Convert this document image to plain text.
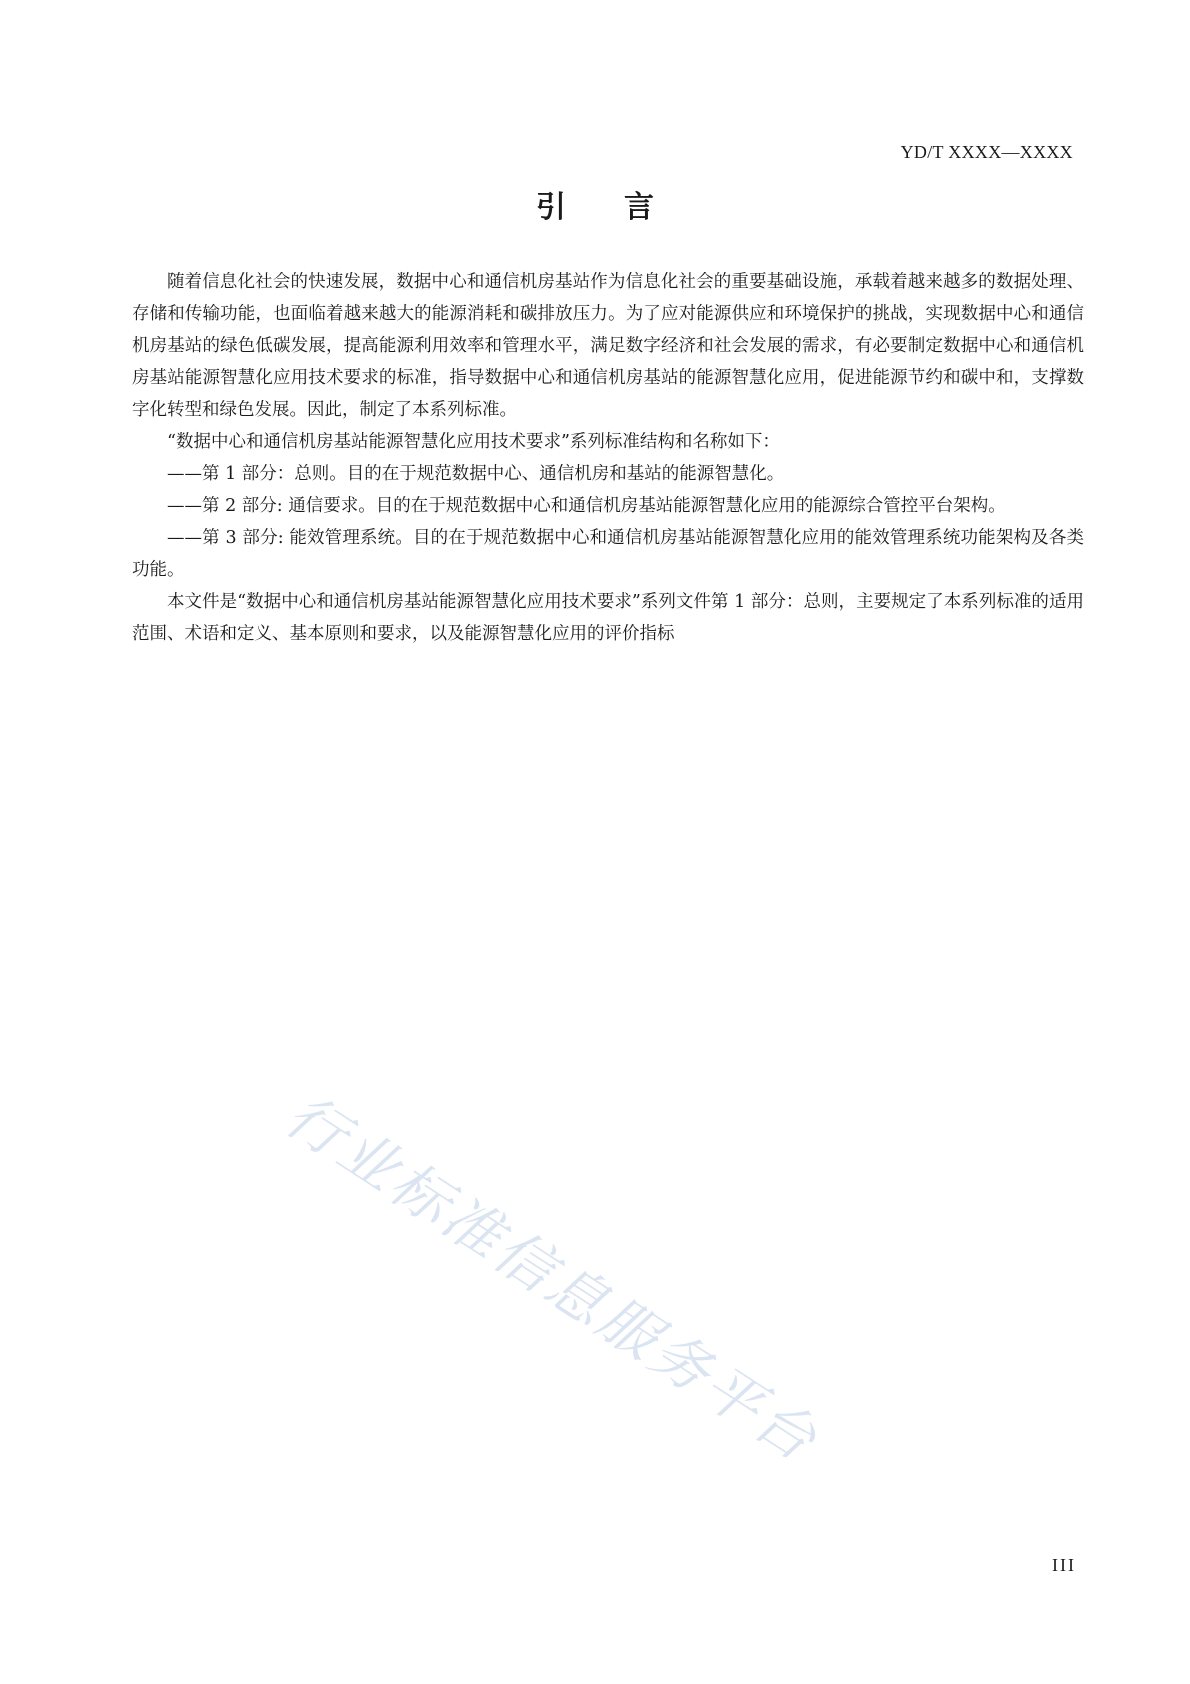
YD/T XXXX—XXXX
引言

随着信息化社会的快速发展，数据中心和通信机房基站作为信息化社会的重要基础设施，承载着越来越多的数据处理、存储和传输功能，也面临着越来越大的能源消耗和碳排放压力。为了应对能源供应和环境保护的挑战，实现数据中心和通信机房基站的绿色低碳发展，提高能源利用效率和管理水平，满足数字经济和社会发展的需求，有必要制定数据中心和通信机房基站能源智慧化应用技术要求的标准，指导数据中心和通信机房基站的能源智慧化应用，促进能源节约和碳中和，支撑数字化转型和绿色发展。因此，制定了本系列标准。

“数据中心和通信机房基站能源智慧化应用技术要求”系列标准结构和名称如下：

——第 1 部分：总则。目的在于规范数据中心、通信机房和基站的能源智慧化。

——第 2 部分: 通信要求。目的在于规范数据中心和通信机房基站能源智慧化应用的能源综合管控平台架构。

——第 3 部分: 能效管理系统。目的在于规范数据中心和通信机房基站能源智慧化应用的能效管理系统功能架构及各类功能。

本文件是“数据中心和通信机房基站能源智慧化应用技术要求”系列文件第 1 部分：总则，主要规定了本系列标准的适用范围、术语和定义、基本原则和要求，以及能源智慧化应用的评价指标

行业标准信息服务平台
III
